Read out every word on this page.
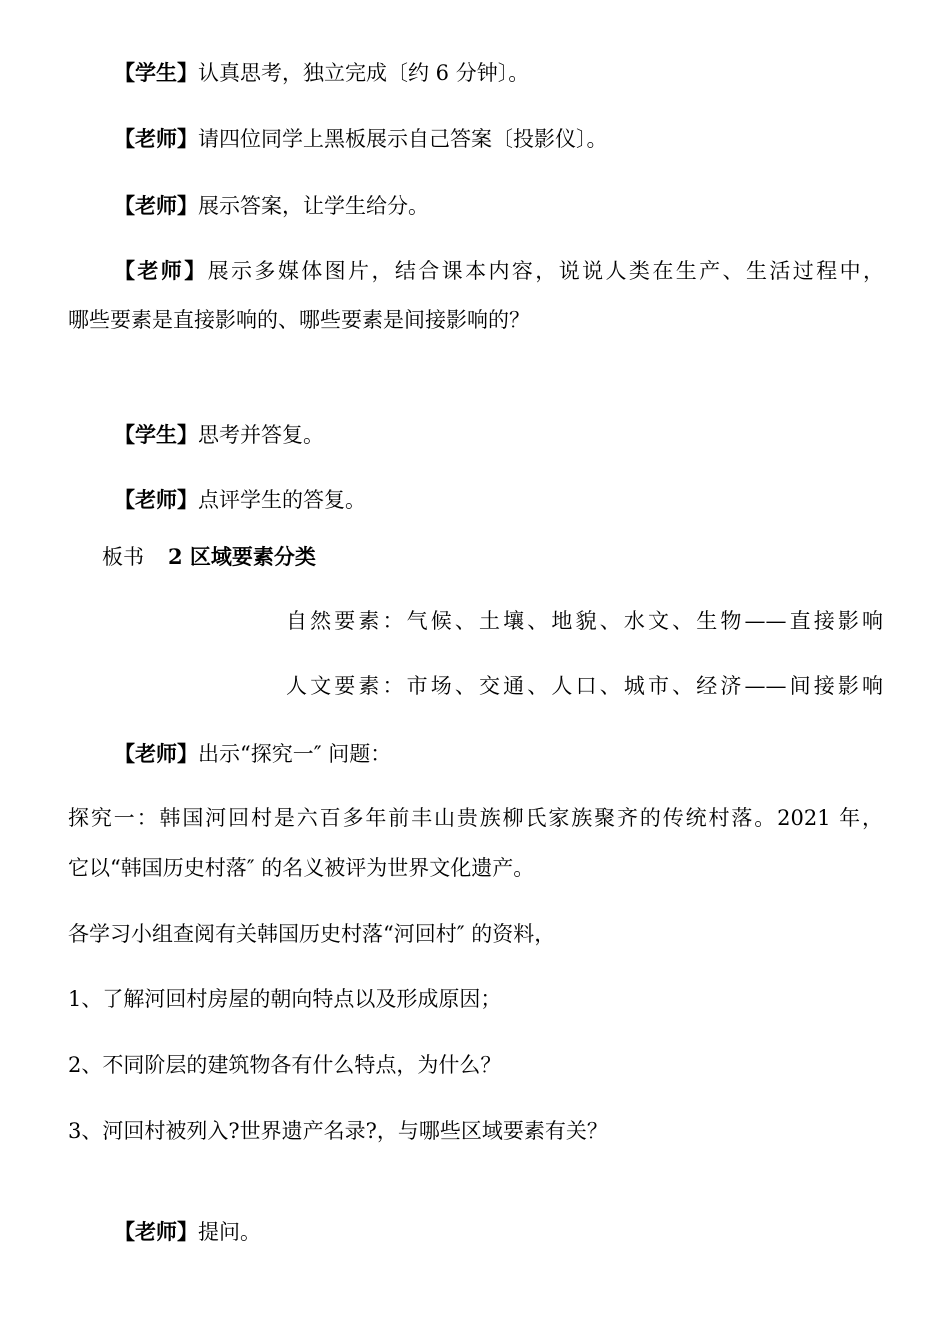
【学生】认真思考，独立完成〔约 6 分钟〕。
【老师】请四位同学上黑板展示自己答案〔投影仪〕。
【老师】展示答案，让学生给分。
【老师】展示多媒体图片，结合课本内容，说说人类在生产、生活过程中，
哪些要素是直接影响的、哪些要素是间接影响的？
【学生】思考并答复。
【老师】点评学生的答复。
板书 2 区域要素分类
自然要素：气候、土壤、地貌、水文、生物——直接影响
人文要素：市场、交通、人口、城市、经济——间接影响
【老师】出示“探究一″ 问题：
探究一：韩国河回村是六百多年前丰山贵族柳氏家族聚齐的传统村落。2021 年，
它以“韩国历史村落″ 的名义被评为世界文化遗产。
各学习小组查阅有关韩国历史村落“河回村″ 的资料，
1、了解河回村房屋的朝向特点以及形成原因；
2、不同阶层的建筑物各有什么特点，为什么？
3、河回村被列入?世界遗产名录?，与哪些区域要素有关？
【老师】提问。
